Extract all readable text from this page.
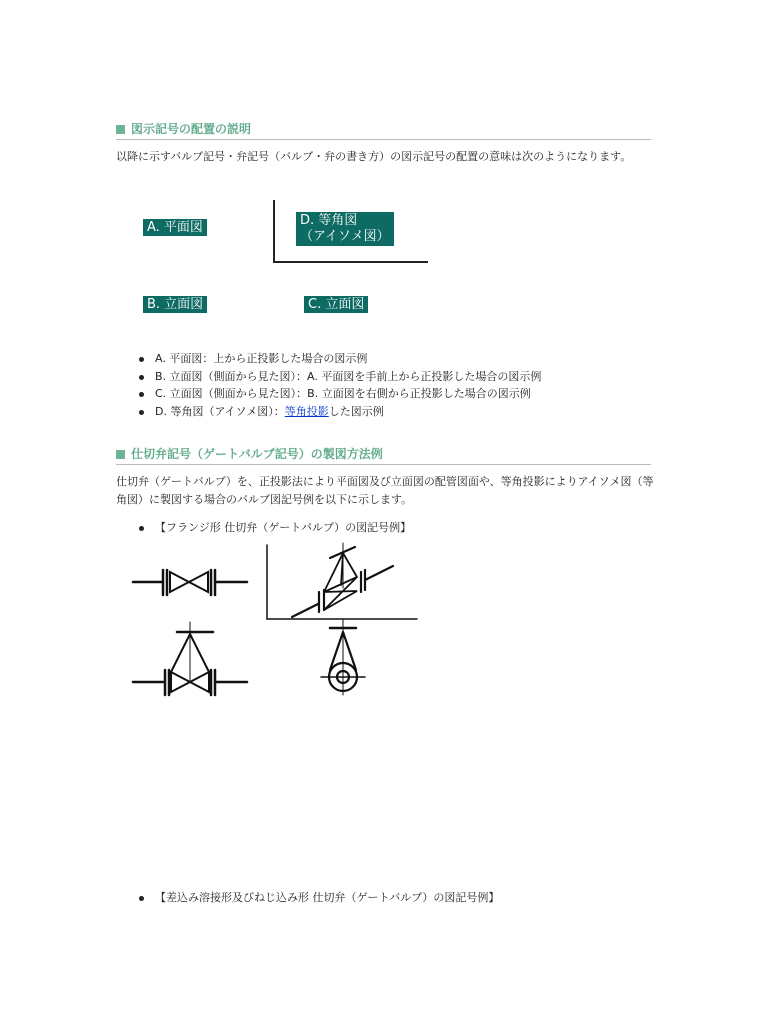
図示記号の配置の説明
以降に示すバルブ記号・弁記号（バルブ・弁の書き方）の図示記号の配置の意味は次のようになります。
A. 平面図	D. 等角図
（アイソメ図）
B. 立面図	C. 立面図
A. 平面図：上から正投影した場合の図示例
B. 立面図（側面から見た図）：A. 平面図を手前上から正投影した場合の図示例
C. 立面図（側面から見た図）：B. 立面図を右側から正投影した場合の図示例
D. 等角図（アイソメ図）：等角投影した図示例
仕切弁記号（ゲートバルブ記号）の製図方法例
仕切弁（ゲートバルブ）を、正投影法により平面図及び立面図の配管図面や、等角投影によりアイソメ図（等角図）に製図する場合のバルブ図記号例を以下に示します。
【フランジ形 仕切弁（ゲートバルブ）の図記号例】
【差込み溶接形及びねじ込み形 仕切弁（ゲートバルブ）の図記号例】
